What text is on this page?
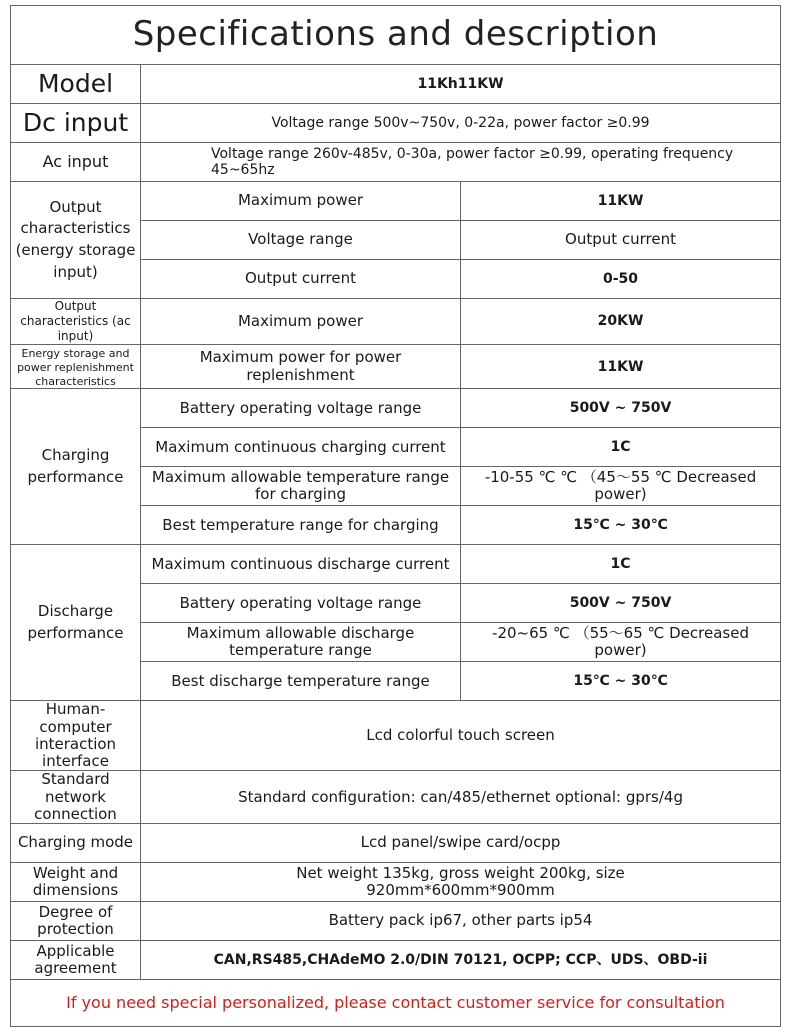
Specifications and description		
Model	11Kh11KW	
Dc input	Voltage range 500v~750v, 0-22a, power factor ≥0.99	
Ac input	Voltage range 260v-485v, 0-30a, power factor ≥0.99, operating frequency 45~65hz	
Output characteristics (energy storage input)	Maximum power	11KW
	Voltage range	Output current
	Output current	0-50
Output characteristics (ac input)	Maximum power	20KW
Energy storage and power replenishment characteristics	Maximum power for power replenishment	11KW
Charging performance	Battery operating voltage range	500V ~ 750V
	Maximum continuous charging current	1C
	Maximum allowable temperature range for charging	-10-55 ℃ ℃ （45～55 ℃ Decreased power)
	Best temperature range for charging	15℃ ~ 30℃
Discharge performance	Maximum continuous discharge current	1C
	Battery operating voltage range	500V ~ 750V
	Maximum allowable discharge temperature range	-20~65 ℃ （55～65 ℃ Decreased power)
	Best discharge temperature range	15℃ ~ 30℃
Human-computer interaction interface	Lcd colorful touch screen	
Standard network connection	Standard configuration: can/485/ethernet optional: gprs/4g	
Charging mode	Lcd panel/swipe card/ocpp	
Weight and dimensions	Net weight 135kg, gross weight 200kg, size 920mm*600mm*900mm	
Degree of protection	Battery pack ip67, other parts ip54	
Applicable agreement	CAN,RS485,CHAdeMO 2.0/DIN 70121, OCPP; CCP、UDS、OBD-ii	
If you need special personalized, please contact customer service for consultation		
